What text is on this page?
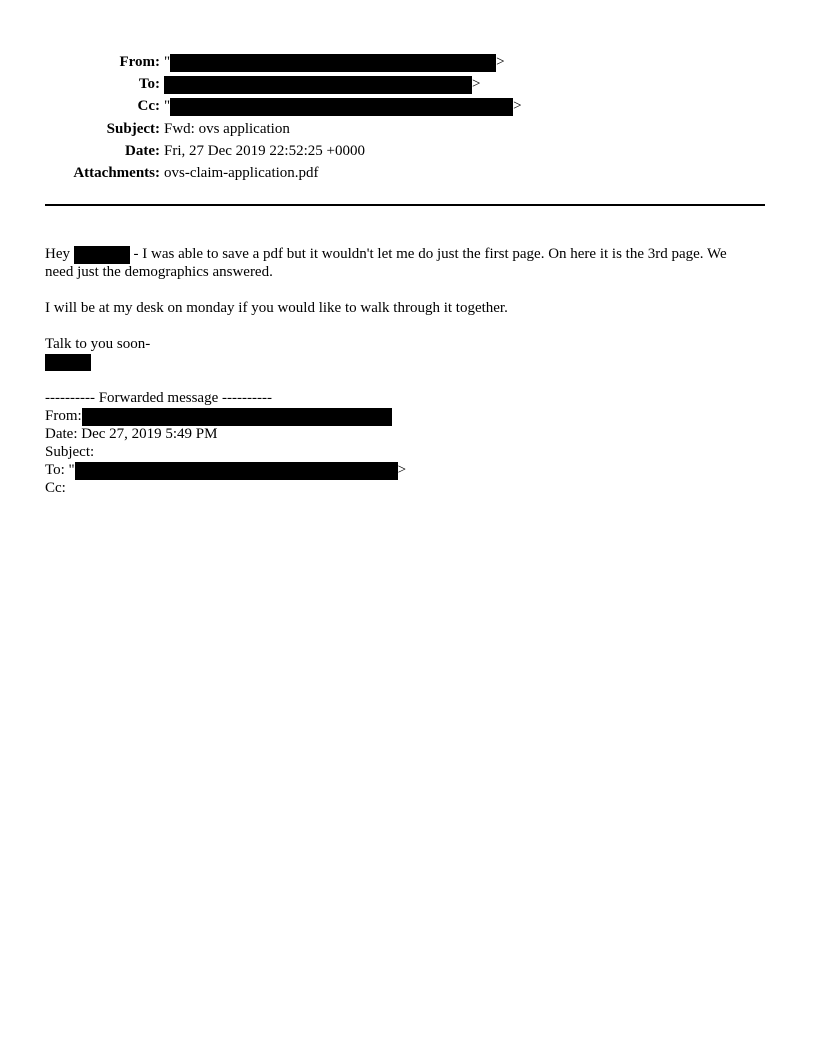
From: "	>
To:	>
Cc: "	>
Subject: Fwd: ovs application
Date: Fri, 27 Dec 2019 22:52:25 +0000
Attachments: ovs-claim-application.pdf
Hey	- I was able to save a pdf but it wouldn't let me do just the first page. On here it is the 3rd page. We
need just the demographics answered.
I will be at my desk on monday if you would like to walk through it together.
Talk to you soon-
---------- Forwarded message ----------
From:
Date: Dec 27, 2019 5:49 PM
Subject:
To: "	>
Cc:
